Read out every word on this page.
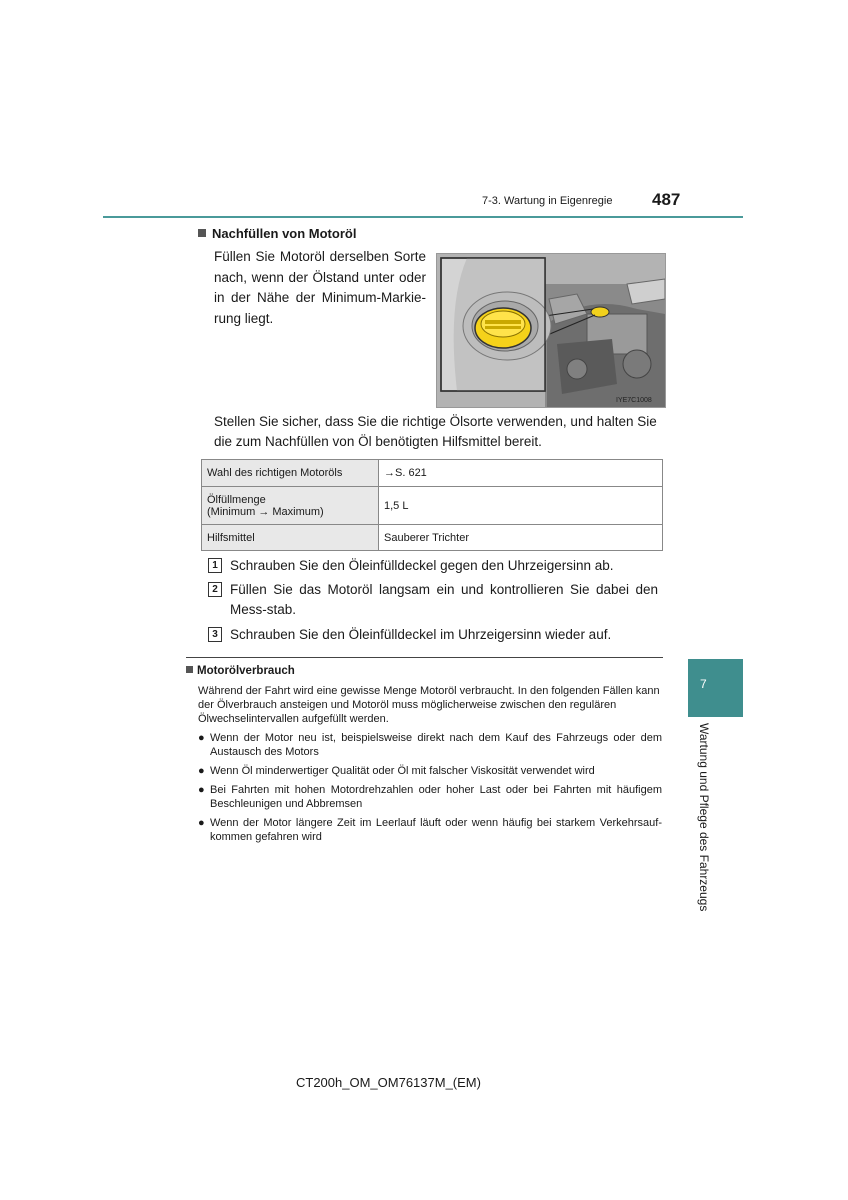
7-3. Wartung in Eigenregie 487
7
Wartung und Pflege des Fahrzeugs
Nachfüllen von Motoröl
Füllen Sie Motoröl derselben Sorte nach, wenn der Ölstand unter oder in der Nähe der Minimum-Markie-rung liegt.
IYE7C1008
Stellen Sie sicher, dass Sie die richtige Ölsorte verwenden, und halten Sie die zum Nachfüllen von Öl benötigten Hilfsmittel bereit.
Wahl des richtigen Motoröls	→S. 621

Ölfüllmenge
(Minimum → Maximum)	1,5 L
Hilfsmittel	Sauberer Trichter
1 Schrauben Sie den Öleinfülldeckel gegen den Uhrzeigersinn ab.
2 Füllen Sie das Motoröl langsam ein und kontrollieren Sie dabei den Mess-stab.
3 Schrauben Sie den Öleinfülldeckel im Uhrzeigersinn wieder auf.
Motorölverbrauch
Während der Fahrt wird eine gewisse Menge Motoröl verbraucht. In den folgenden Fällen kann der Ölverbrauch ansteigen und Motoröl muss möglicherweise zwischen den regulären Ölwechselintervallen aufgefüllt werden.
● Wenn der Motor neu ist, beispielsweise direkt nach dem Kauf des Fahrzeugs oder dem Austausch des Motors
● Wenn Öl minderwertiger Qualität oder Öl mit falscher Viskosität verwendet wird
● Bei Fahrten mit hohen Motordrehzahlen oder hoher Last oder bei Fahrten mit häufigem Beschleunigen und Abbremsen
● Wenn der Motor längere Zeit im Leerlauf läuft oder wenn häufig bei starkem Verkehrsauf-kommen gefahren wird
CT200h_OM_OM76137M_(EM)
